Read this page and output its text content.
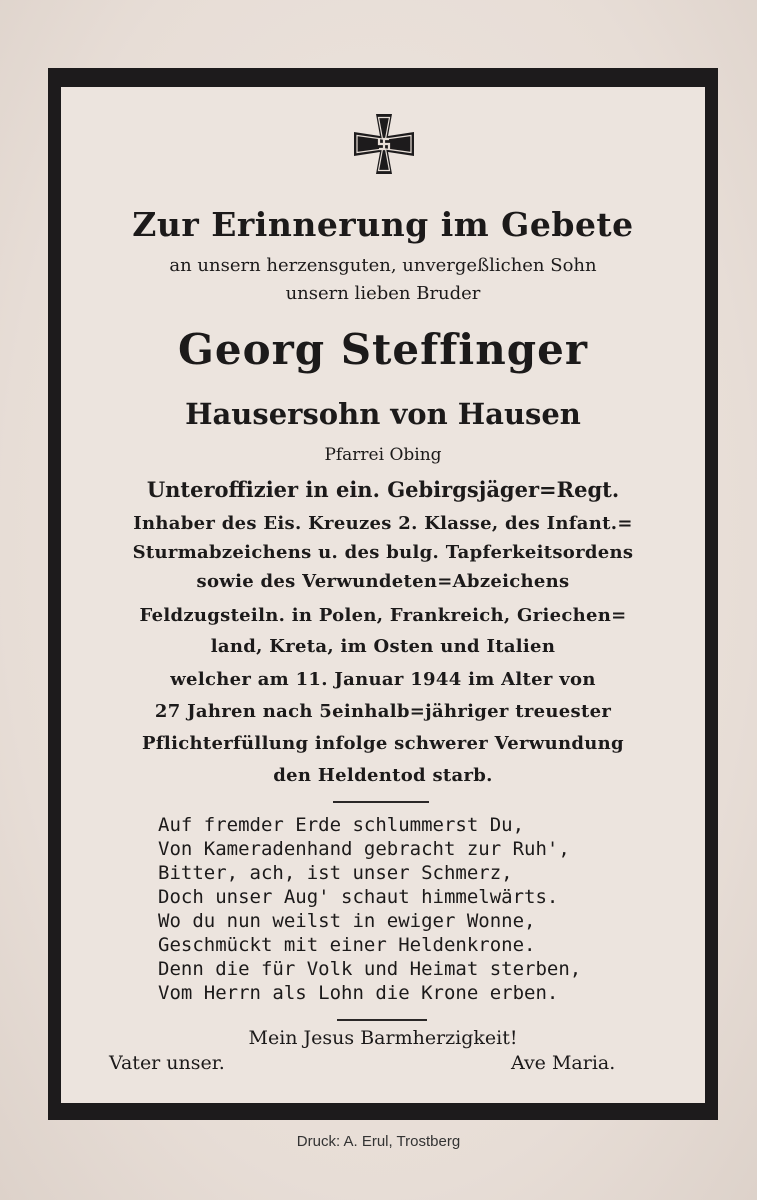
Zur Erinnerung im Gebete
an unsern herzensguten, unvergeßlichen Sohn
unsern lieben Bruder
Georg Steffinger
Hausersohn von Hausen
Pfarrei Obing
Unteroffizier in ein. Gebirgsjäger=Regt.
Inhaber des Eis. Kreuzes 2. Klasse, des Infant.=
Sturmabzeichens u. des bulg. Tapferkeitsordens
sowie des Verwundeten=Abzeichens
Feldzugsteiln. in Polen, Frankreich, Griechen=
land, Kreta, im Osten und Italien
welcher am 11. Januar 1944 im Alter von
27 Jahren nach 5einhalb=jähriger treuester
Pflichterfüllung infolge schwerer Verwundung
den Heldentod starb.
Auf fremder Erde schlummerst Du,
Von Kameradenhand gebracht zur Ruh',
Bitter, ach, ist unser Schmerz,
Doch unser Aug' schaut himmelwärts.
Wo du nun weilst in ewiger Wonne,
Geschmückt mit einer Heldenkrone.
Denn die für Volk und Heimat sterben,
Vom Herrn als Lohn die Krone erben.
Mein Jesus Barmherzigkeit!
Vater unser.	Ave Maria.
Druck: A. Erul, Trostberg
